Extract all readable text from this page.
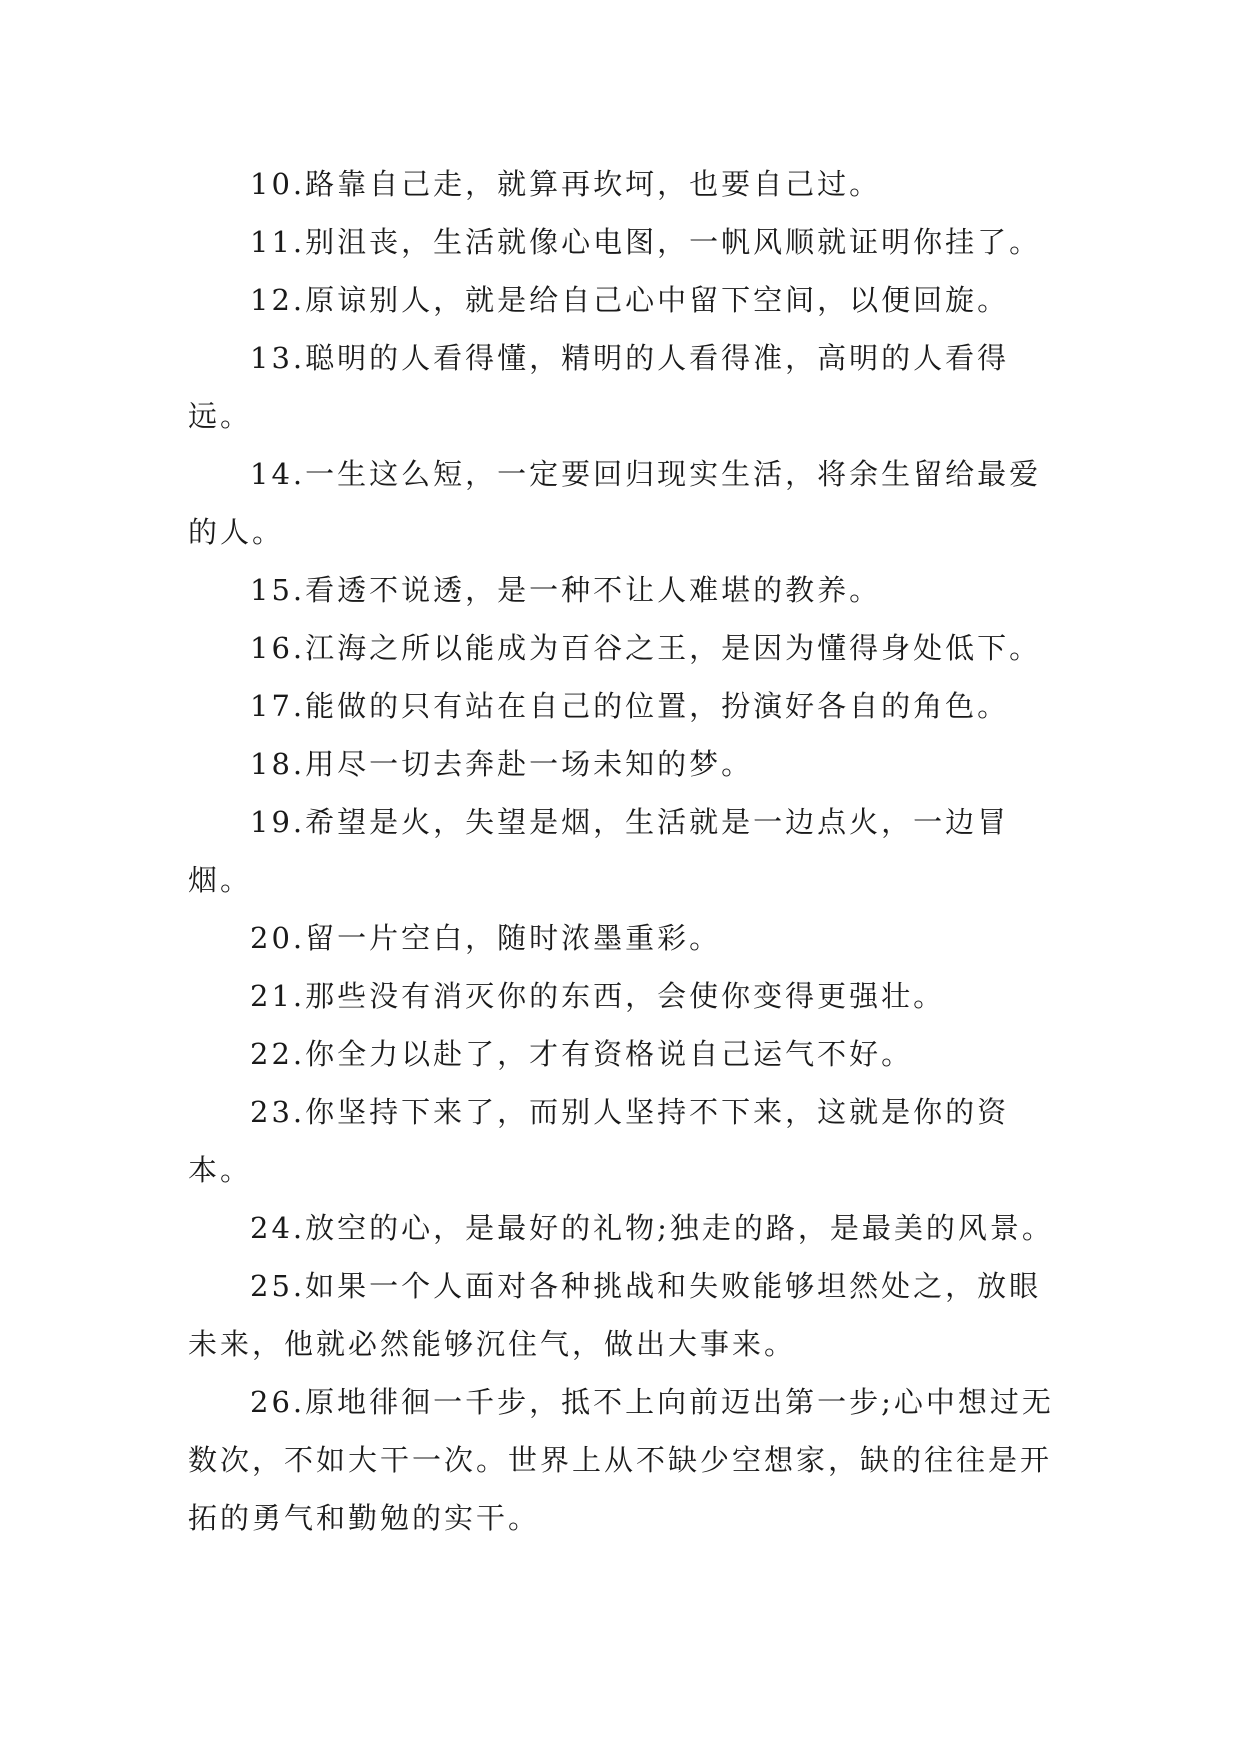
10.路靠自己走，就算再坎坷，也要自己过。

11.别沮丧，生活就像心电图，一帆风顺就证明你挂了。

12.原谅别人，就是给自己心中留下空间，以便回旋。

13.聪明的人看得懂，精明的人看得准，高明的人看得远。

14.一生这么短，一定要回归现实生活，将余生留给最爱的人。

15.看透不说透，是一种不让人难堪的教养。

16.江海之所以能成为百谷之王，是因为懂得身处低下。

17.能做的只有站在自己的位置，扮演好各自的角色。

18.用尽一切去奔赴一场未知的梦。

19.希望是火，失望是烟，生活就是一边点火，一边冒烟。

20.留一片空白，随时浓墨重彩。

21.那些没有消灭你的东西，会使你变得更强壮。

22.你全力以赴了，才有资格说自己运气不好。

23.你坚持下来了，而别人坚持不下来，这就是你的资本。

24.放空的心，是最好的礼物;独走的路，是最美的风景。

25.如果一个人面对各种挑战和失败能够坦然处之，放眼未来，他就必然能够沉住气，做出大事来。

26.原地徘徊一千步，抵不上向前迈出第一步;心中想过无数次，不如大干一次。世界上从不缺少空想家，缺的往往是开拓的勇气和勤勉的实干。
